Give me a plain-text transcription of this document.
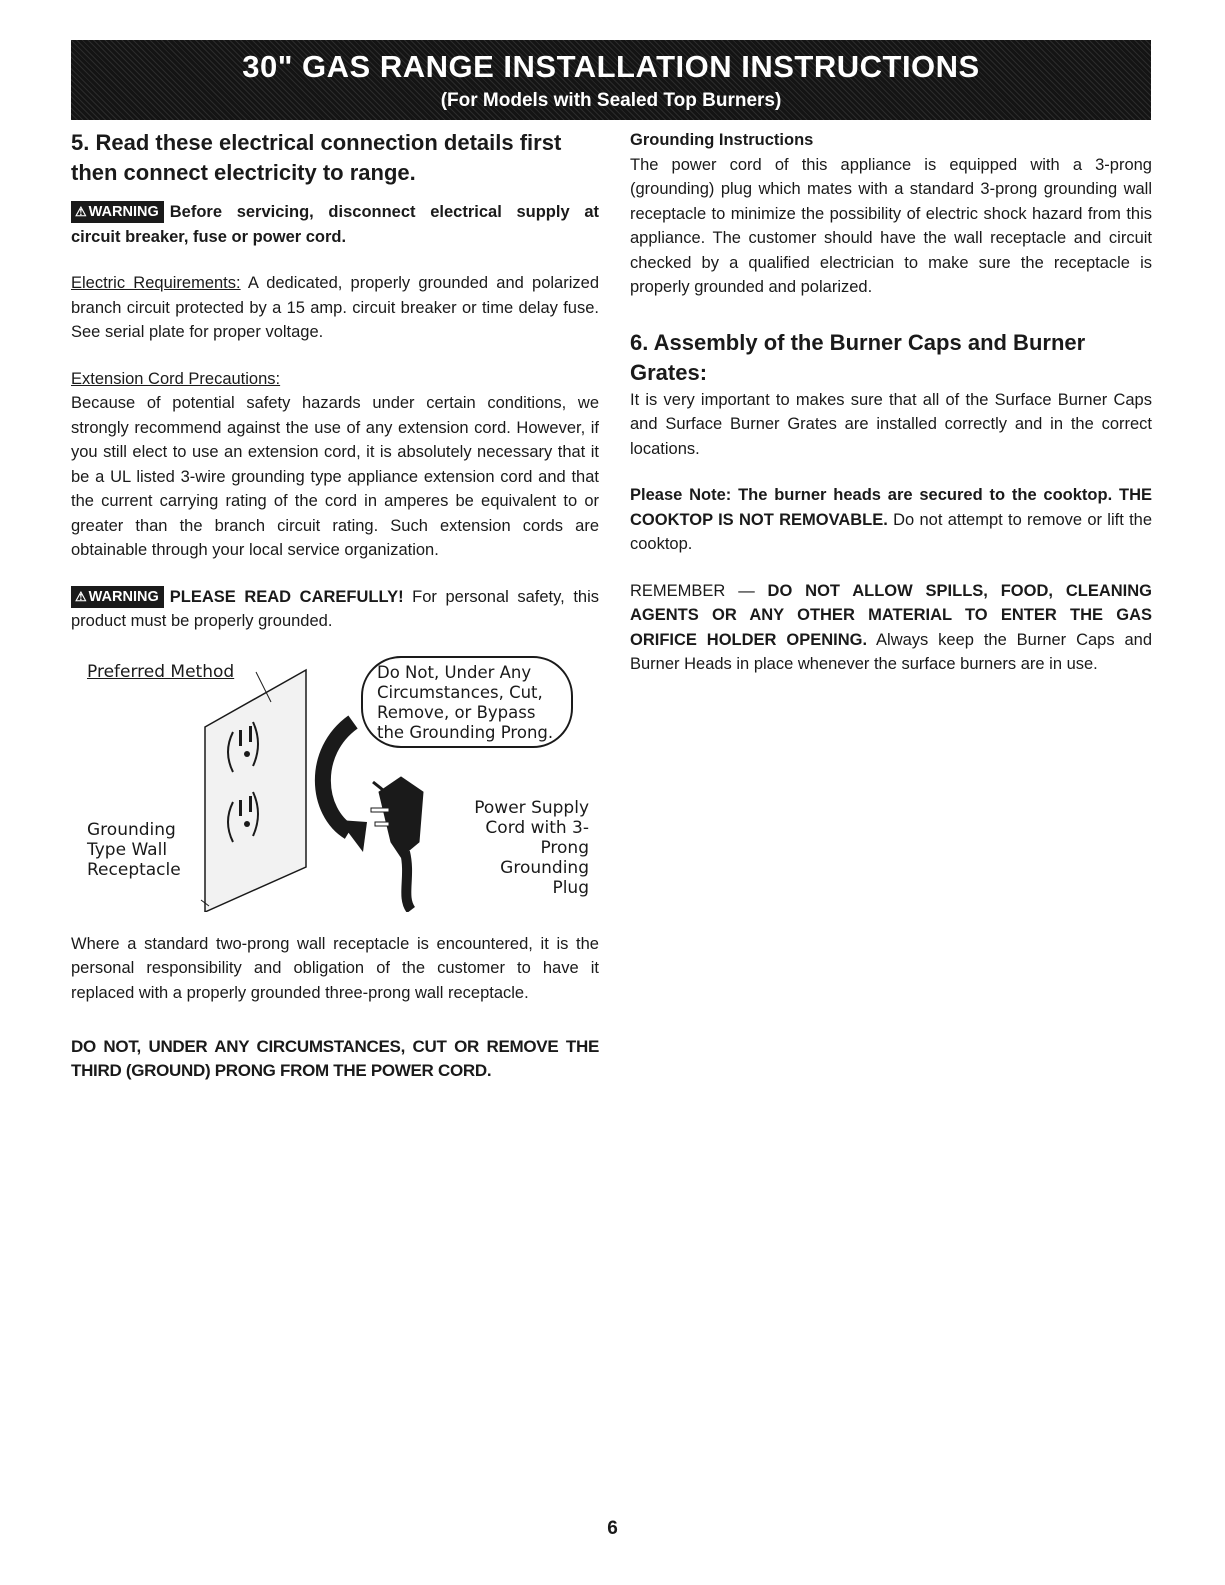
30" GAS RANGE INSTALLATION INSTRUCTIONS
(For Models with Sealed Top Burners)
5. Read these electrical connection details first then connect electricity to range.

⚠ WARNING Before servicing, disconnect electrical supply at circuit breaker, fuse or power cord.

Electric Requirements: A dedicated, properly grounded and polarized branch circuit protected by a 15 amp. circuit breaker or time delay fuse. See serial plate for proper voltage.

Extension Cord Precautions:

Because of potential safety hazards under certain conditions, we strongly recommend against the use of any extension cord. However, if you still elect to use an extension cord, it is absolutely necessary that it be a UL listed 3-wire grounding type appliance extension cord and that the current carrying rating of the cord in amperes be equivalent to or greater than the branch circuit rating. Such extension cords are obtainable through your local service organization.

⚠ WARNING PLEASE READ CAREFULLY! For personal safety, this product must be properly grounded.

Preferred Method	Do Not, Under Any Circumstances, Cut, Remove, or Bypass the Grounding Prong.
Grounding Type Wall Receptacle
Power Supply Cord with 3-Prong Grounding Plug

Where a standard two-prong wall receptacle is encountered, it is the personal responsibility and obligation of the customer to have it replaced with a properly grounded three-prong wall receptacle.

DO NOT, UNDER ANY CIRCUMSTANCES, CUT OR REMOVE THE THIRD (GROUND) PRONG FROM THE POWER CORD.

Grounding Instructions

The power cord of this appliance is equipped with a 3-prong (grounding) plug which mates with a standard 3-prong grounding wall receptacle to minimize the possibility of electric shock hazard from this appliance. The customer should have the wall receptacle and circuit checked by a qualified electrician to make sure the receptacle is properly grounded and polarized.

6. Assembly of the Burner Caps and Burner Grates:

It is very important to makes sure that all of the Surface Burner Caps and Surface Burner Grates are installed correctly and in the correct locations.

Please Note: The burner heads are secured to the cooktop. THE COOKTOP IS NOT REMOVABLE. Do not attempt to remove or lift the cooktop.

REMEMBER — DO NOT ALLOW SPILLS, FOOD, CLEANING AGENTS OR ANY OTHER MATERIAL TO ENTER THE GAS ORIFICE HOLDER OPENING. Always keep the Burner Caps and Burner Heads in place whenever the surface burners are in use.

6
